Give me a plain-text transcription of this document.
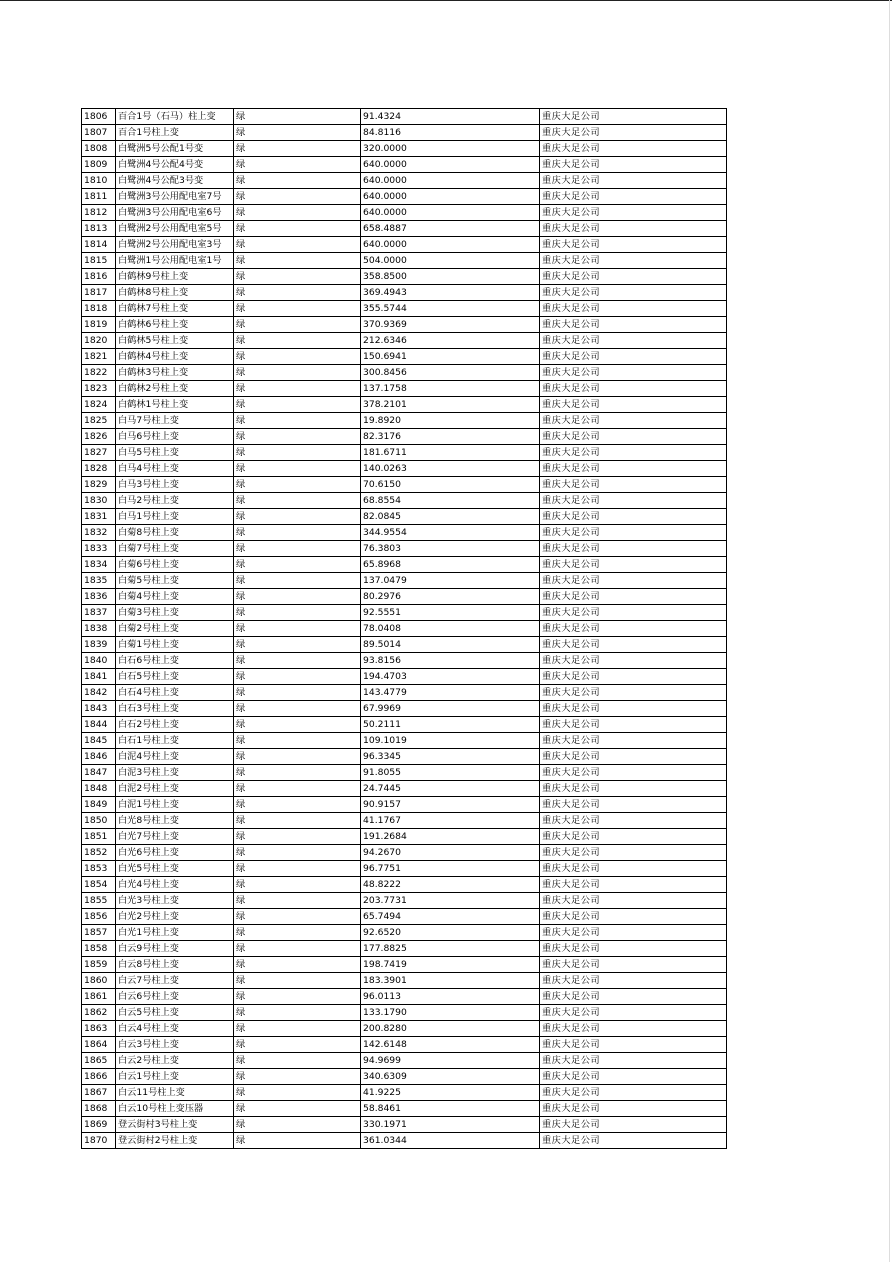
1806	百合1号（石马）柱上变	绿	91.4324	重庆大足公司
1807	百合1号柱上变	绿	84.8116	重庆大足公司
1808	白鹭洲5号公配1号变	绿	320.0000	重庆大足公司
1809	白鹭洲4号公配4号变	绿	640.0000	重庆大足公司
1810	白鹭洲4号公配3号变	绿	640.0000	重庆大足公司
1811	白鹭洲3号公用配电室7号	绿	640.0000	重庆大足公司
1812	白鹭洲3号公用配电室6号	绿	640.0000	重庆大足公司
1813	白鹭洲2号公用配电室5号	绿	658.4887	重庆大足公司
1814	白鹭洲2号公用配电室3号	绿	640.0000	重庆大足公司
1815	白鹭洲1号公用配电室1号	绿	504.0000	重庆大足公司
1816	白鹤林9号柱上变	绿	358.8500	重庆大足公司
1817	白鹤林8号柱上变	绿	369.4943	重庆大足公司
1818	白鹤林7号柱上变	绿	355.5744	重庆大足公司
1819	白鹤林6号柱上变	绿	370.9369	重庆大足公司
1820	白鹤林5号柱上变	绿	212.6346	重庆大足公司
1821	白鹤林4号柱上变	绿	150.6941	重庆大足公司
1822	白鹤林3号柱上变	绿	300.8456	重庆大足公司
1823	白鹤林2号柱上变	绿	137.1758	重庆大足公司
1824	白鹤林1号柱上变	绿	378.2101	重庆大足公司
1825	白马7号柱上变	绿	19.8920	重庆大足公司
1826	白马6号柱上变	绿	82.3176	重庆大足公司
1827	白马5号柱上变	绿	181.6711	重庆大足公司
1828	白马4号柱上变	绿	140.0263	重庆大足公司
1829	白马3号柱上变	绿	70.6150	重庆大足公司
1830	白马2号柱上变	绿	68.8554	重庆大足公司
1831	白马1号柱上变	绿	82.0845	重庆大足公司
1832	白菊8号柱上变	绿	344.9554	重庆大足公司
1833	白菊7号柱上变	绿	76.3803	重庆大足公司
1834	白菊6号柱上变	绿	65.8968	重庆大足公司
1835	白菊5号柱上变	绿	137.0479	重庆大足公司
1836	白菊4号柱上变	绿	80.2976	重庆大足公司
1837	白菊3号柱上变	绿	92.5551	重庆大足公司
1838	白菊2号柱上变	绿	78.0408	重庆大足公司
1839	白菊1号柱上变	绿	89.5014	重庆大足公司
1840	白石6号柱上变	绿	93.8156	重庆大足公司
1841	白石5号柱上变	绿	194.4703	重庆大足公司
1842	白石4号柱上变	绿	143.4779	重庆大足公司
1843	白石3号柱上变	绿	67.9969	重庆大足公司
1844	白石2号柱上变	绿	50.2111	重庆大足公司
1845	白石1号柱上变	绿	109.1019	重庆大足公司
1846	白泥4号柱上变	绿	96.3345	重庆大足公司
1847	白泥3号柱上变	绿	91.8055	重庆大足公司
1848	白泥2号柱上变	绿	24.7445	重庆大足公司
1849	白泥1号柱上变	绿	90.9157	重庆大足公司
1850	白光8号柱上变	绿	41.1767	重庆大足公司
1851	白光7号柱上变	绿	191.2684	重庆大足公司
1852	白光6号柱上变	绿	94.2670	重庆大足公司
1853	白光5号柱上变	绿	96.7751	重庆大足公司
1854	白光4号柱上变	绿	48.8222	重庆大足公司
1855	白光3号柱上变	绿	203.7731	重庆大足公司
1856	白光2号柱上变	绿	65.7494	重庆大足公司
1857	白光1号柱上变	绿	92.6520	重庆大足公司
1858	白云9号柱上变	绿	177.8825	重庆大足公司
1859	白云8号柱上变	绿	198.7419	重庆大足公司
1860	白云7号柱上变	绿	183.3901	重庆大足公司
1861	白云6号柱上变	绿	96.0113	重庆大足公司
1862	白云5号柱上变	绿	133.1790	重庆大足公司
1863	白云4号柱上变	绿	200.8280	重庆大足公司
1864	白云3号柱上变	绿	142.6148	重庆大足公司
1865	白云2号柱上变	绿	94.9699	重庆大足公司
1866	白云1号柱上变	绿	340.6309	重庆大足公司
1867	白云11号柱上变	绿	41.9225	重庆大足公司
1868	白云10号柱上变压器	绿	58.8461	重庆大足公司
1869	登云街村3号柱上变	绿	330.1971	重庆大足公司
1870	登云街村2号柱上变	绿	361.0344	重庆大足公司
